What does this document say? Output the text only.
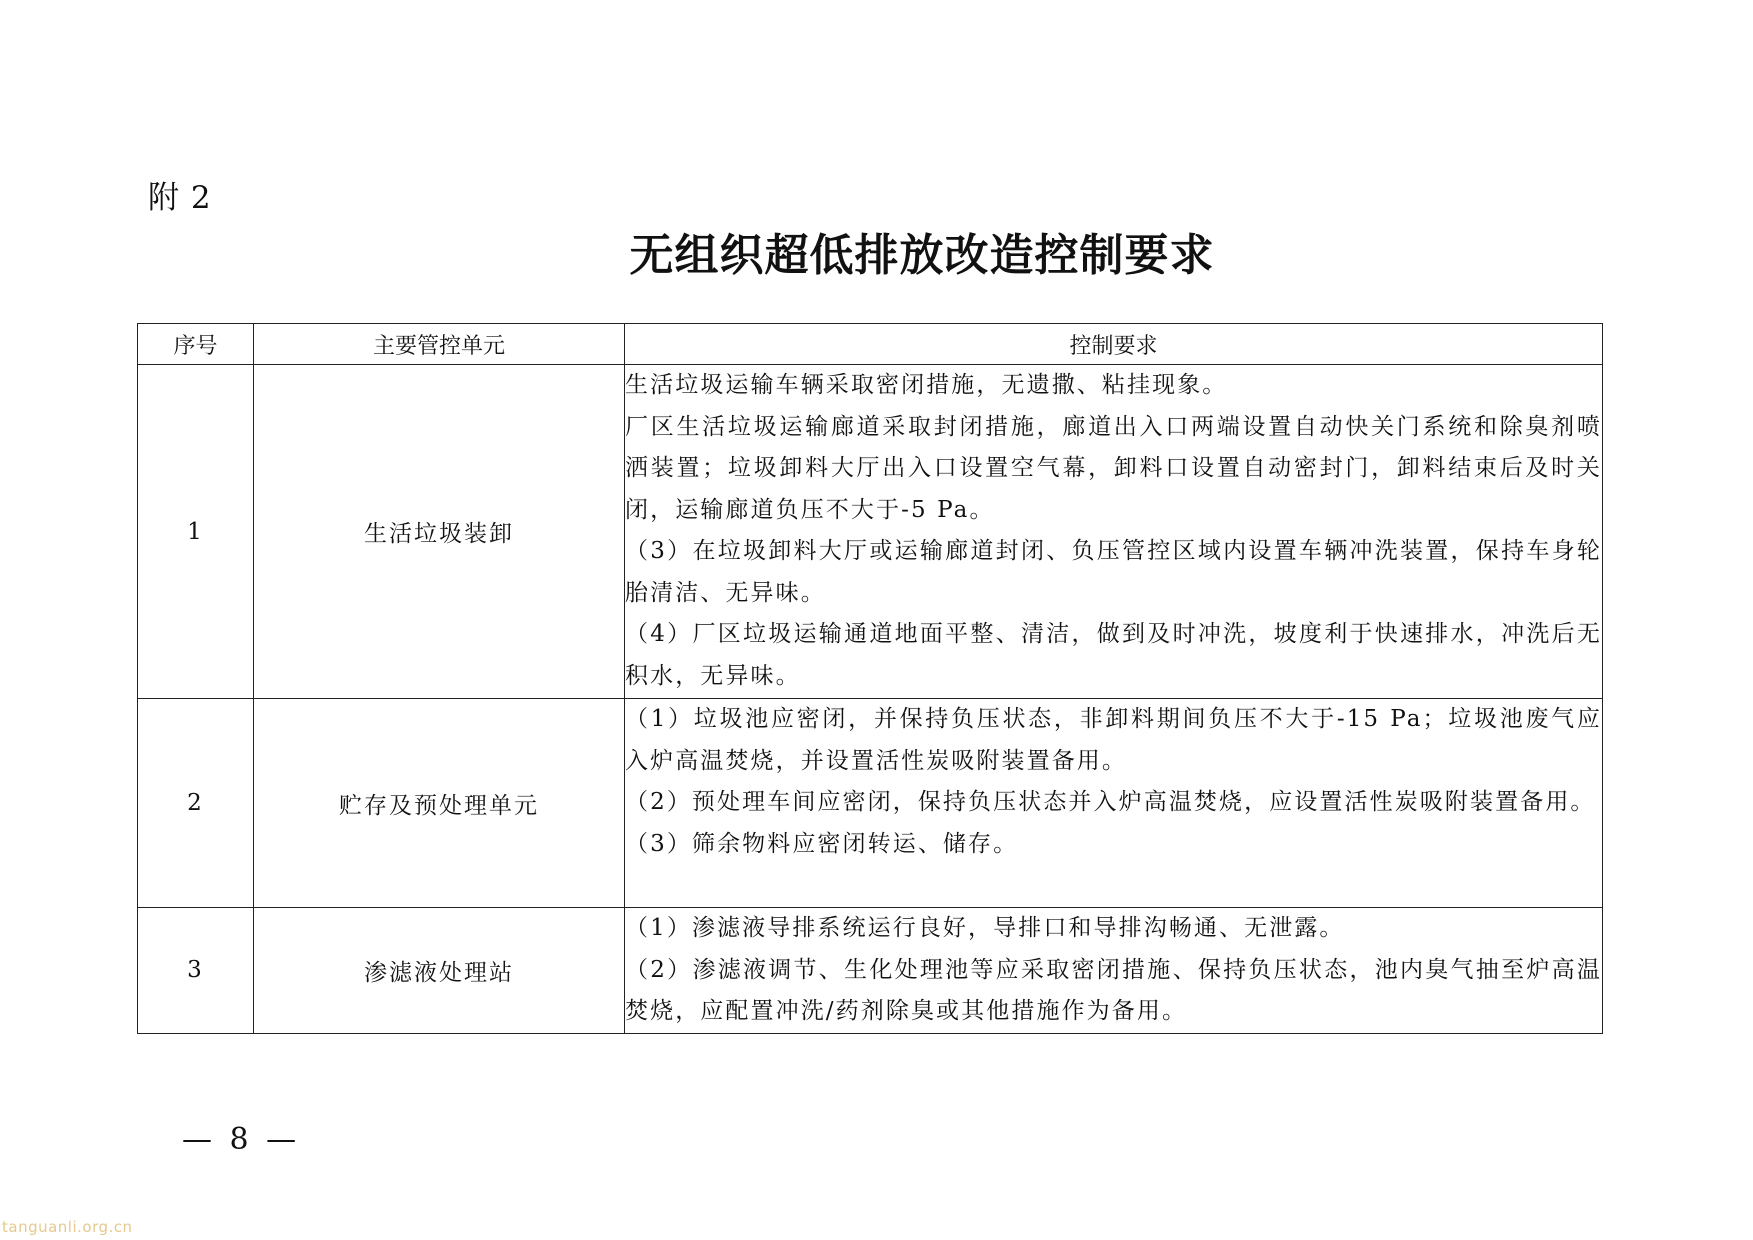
附 2
无组织超低排放改造控制要求
序号	主要管控单元	控制要求
1	生活垃圾装卸	生活垃圾运输车辆采取密闭措施，无遗撒、粘挂现象。
厂区生活垃圾运输廊道采取封闭措施，廊道出入口两端设置自动快关门系统和除臭剂喷洒装置；垃圾卸料大厅出入口设置空气幕，卸料口设置自动密封门，卸料结束后及时关闭，运输廊道负压不大于-5 Pa。
（3）在垃圾卸料大厅或运输廊道封闭、负压管控区域内设置车辆冲洗装置，保持车身轮胎清洁、无异味。
（4）厂区垃圾运输通道地面平整、清洁，做到及时冲洗，坡度利于快速排水，冲洗后无积水，无异味。

2	贮存及预处理单元	（1）垃圾池应密闭，并保持负压状态，非卸料期间负压不大于-15 Pa；垃圾池废气应入炉高温焚烧，并设置活性炭吸附装置备用。
（2）预处理车间应密闭，保持负压状态并入炉高温焚烧，应设置活性炭吸附装置备用。
（3）筛余物料应密闭转运、储存。

3	渗滤液处理站	（1）渗滤液导排系统运行良好，导排口和导排沟畅通、无泄露。
（2）渗滤液调节、生化处理池等应采取密闭措施、保持负压状态，池内臭气抽至炉高温焚烧，应配置冲洗/药剂除臭或其他措施作为备用。
— 8 —
tanguanli.org.cn
